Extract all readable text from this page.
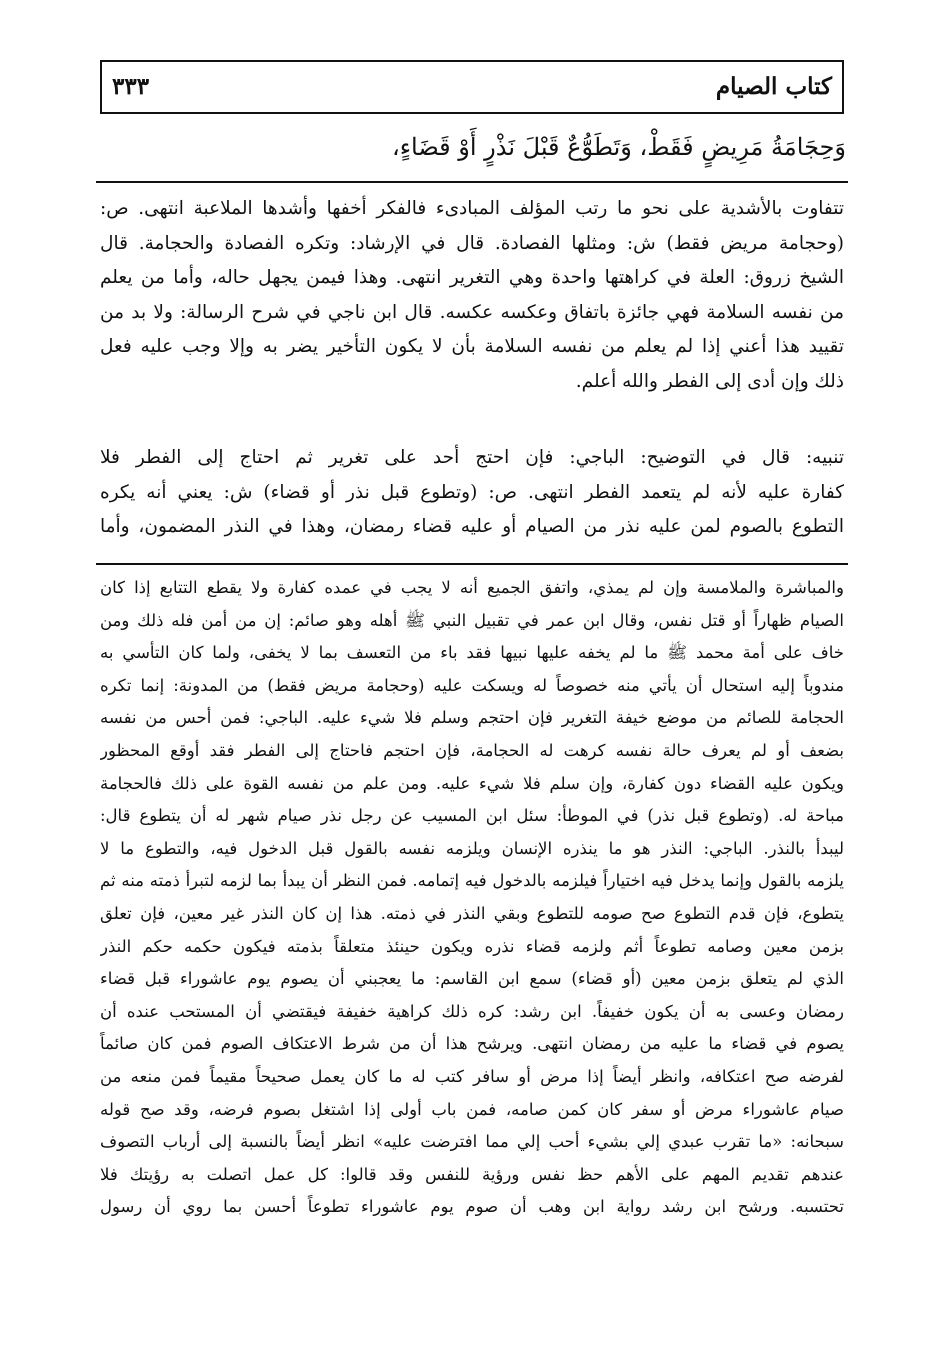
كتاب الصيام
٣٣٣
وَحِجَامَةُ مَرِيضٍ فَقَطْ، وَتَطَوُّعٌ قَبْلَ نَذْرٍ أَوْ قَضَاءٍ،
تتفاوت بالأشدية على نحو ما رتب المؤلف المبادىء فالفكر أخفها وأشدها الملاعبة انتهى. ص:
(وحجامة مريض فقط) ش: ومثلها الفصادة. قال في الإرشاد: وتكره الفصادة والحجامة. قال
الشيخ زروق: العلة في كراهتها واحدة وهي التغرير انتهى. وهذا فيمن يجهل حاله، وأما من يعلم
من نفسه السلامة فهي جائزة باتفاق وعكسه عكسه. قال ابن ناجي في شرح الرسالة: ولا بد من
تقييد هذا أعني إذا لم يعلم من نفسه السلامة بأن لا يكون التأخير يضر به وإلا وجب عليه فعل
ذلك وإن أدى إلى الفطر والله أعلم.
تنبيه: قال في التوضيح: الباجي: فإن احتج أحد على تغرير ثم احتاج إلى الفطر فلا
كفارة عليه لأنه لم يتعمد الفطر انتهى. ص: (وتطوع قبل نذر أو قضاء) ش: يعني أنه يكره
التطوع بالصوم لمن عليه نذر من الصيام أو عليه قضاء رمضان، وهذا في النذر المضمون، وأما
والمباشرة والملامسة وإن لم يمذي، واتفق الجميع أنه لا يجب في عمده كفارة ولا يقطع التتابع إذا كان
الصيام ظهاراً أو قتل نفس، وقال ابن عمر في تقبيل النبي ﷺ أهله وهو صائم: إن من أمن فله ذلك ومن
خاف على أمة محمد ﷺ ما لم يخفه عليها نبيها فقد باء من التعسف بما لا يخفى، ولما كان التأسي به
مندوباً إليه استحال أن يأتي منه خصوصاً له ويسكت عليه (وحجامة مريض فقط) من المدونة: إنما تكره
الحجامة للصائم من موضع خيفة التغرير فإن احتجم وسلم فلا شيء عليه. الباجي: فمن أحس من نفسه
بضعف أو لم يعرف حالة نفسه كرهت له الحجامة، فإن احتجم فاحتاج إلى الفطر فقد أوقع المحظور
ويكون عليه القضاء دون كفارة، وإن سلم فلا شيء عليه. ومن علم من نفسه القوة على ذلك فالحجامة
مباحة له. (وتطوع قبل نذر) في الموطأ: سئل ابن المسيب عن رجل نذر صيام شهر له أن يتطوع قال:
ليبدأ بالنذر. الباجي: النذر هو ما ينذره الإنسان ويلزمه نفسه بالقول قبل الدخول فيه، والتطوع ما لا
يلزمه بالقول وإنما يدخل فيه اختياراً فيلزمه بالدخول فيه إتمامه. فمن النظر أن يبدأ بما لزمه لتبرأ ذمته منه ثم
يتطوع، فإن قدم التطوع صح صومه للتطوع وبقي النذر في ذمته. هذا إن كان النذر غير معين، فإن تعلق
بزمن معين وصامه تطوعاً أثم ولزمه قضاء نذره ويكون حينئذ متعلقاً بذمته فيكون حكمه حكم النذر
الذي لم يتعلق بزمن معين (أو قضاء) سمع ابن القاسم: ما يعجبني أن يصوم يوم عاشوراء قبل قضاء
رمضان وعسى به أن يكون خفيفاً. ابن رشد: كره ذلك كراهية خفيفة فيقتضي أن المستحب عنده أن
يصوم في قضاء ما عليه من رمضان انتهى. ويرشح هذا أن من شرط الاعتكاف الصوم فمن كان صائماً
لفرضه صح اعتكافه، وانظر أيضاً إذا مرض أو سافر كتب له ما كان يعمل صحيحاً مقيماً فمن منعه من
صيام عاشوراء مرض أو سفر كان كمن صامه، فمن باب أولى إذا اشتغل بصوم فرضه، وقد صح قوله
سبحانه: «ما تقرب عبدي إلي بشيء أحب إلي مما افترضت عليه» انظر أيضاً بالنسبة إلى أرباب التصوف
عندهم تقديم المهم على الأهم حظ نفس ورؤية للنفس وقد قالوا: كل عمل اتصلت به رؤيتك فلا
تحتسبه. ورشح ابن رشد رواية ابن وهب أن صوم يوم عاشوراء تطوعاً أحسن بما روي أن رسول
